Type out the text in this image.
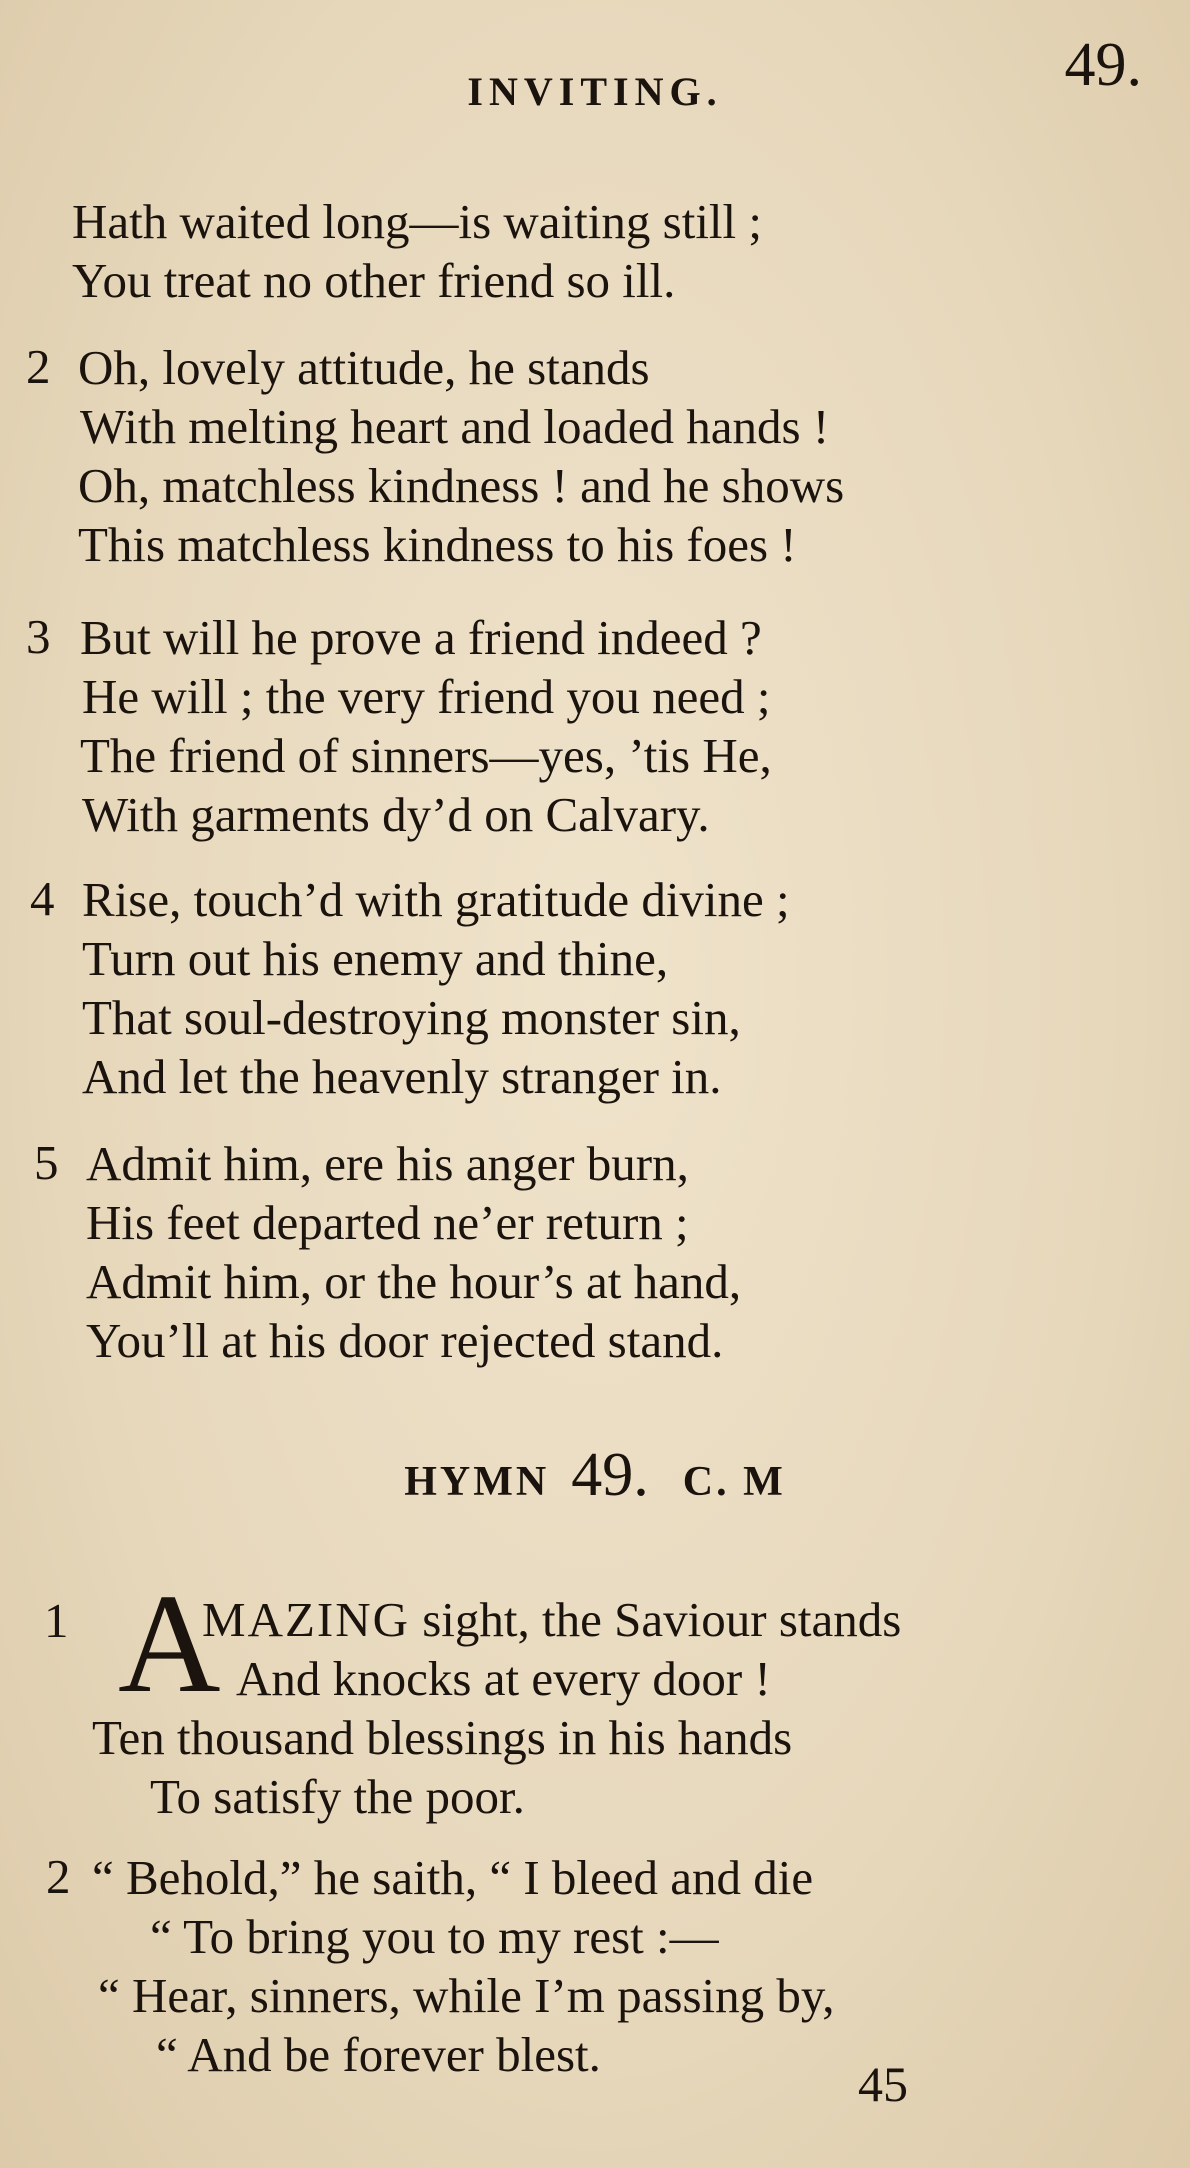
INVITING.	49.
Hath waited long—is waiting still ;
You treat no other friend so ill.
2 Oh, lovely attitude, he stands
With melting heart and loaded hands !
Oh, matchless kindness ! and he shows
This matchless kindness to his foes !
3 But will he prove a friend indeed ?
He will ; the very friend you need ;
The friend of sinners—yes, ’tis He,
With garments dy’d on Calvary.
4 Rise, touch’d with gratitude divine ;
Turn out his enemy and thine,
That soul-destroying monster sin,
And let the heavenly stranger in.
5 Admit him, ere his anger burn,
His feet departed ne’er return ;
Admit him, or the hour’s at hand,
You’ll at his door rejected stand.
HYMN 49. C. M
1 A
MAZING sight, the Saviour stands
And knocks at every door !
Ten thousand blessings in his hands
To satisfy the poor.
2 “ Behold,” he saith, “ I bleed and die
“ To bring you to my rest :—
“ Hear, sinners, while I’m passing by,
“ And be forever blest.
45
